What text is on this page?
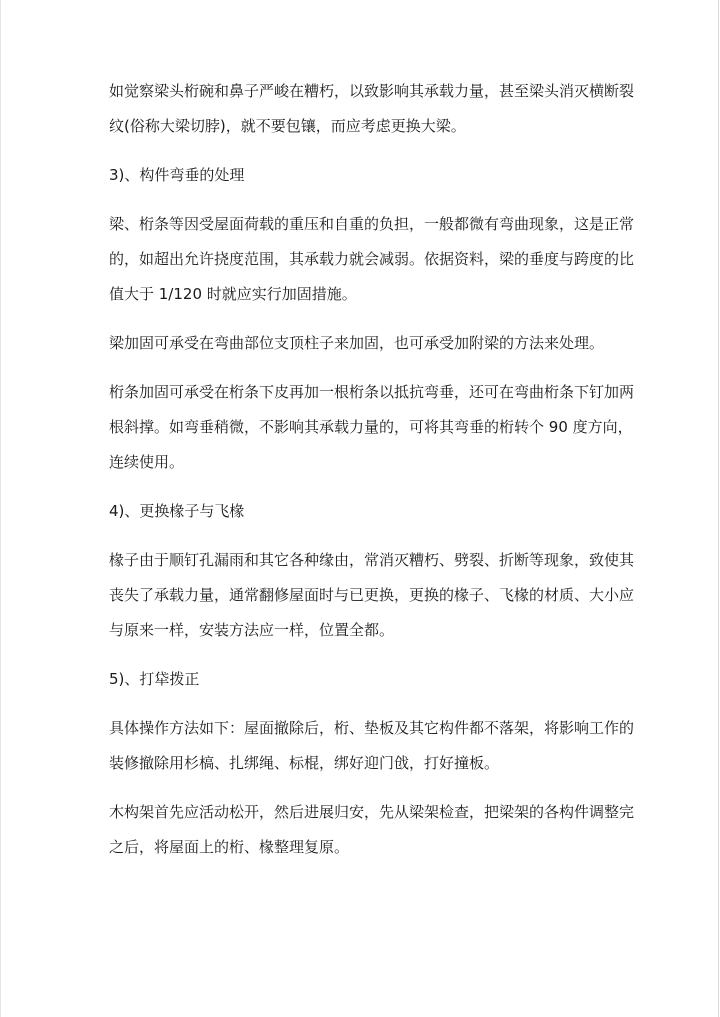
如觉察梁头桁碗和鼻子严峻在糟朽，以致影响其承载力量，甚至梁头消灭横断裂
纹(俗称大梁切脖)，就不要包镶，而应考虑更换大梁。
3)、构件弯垂的处理
梁、桁条等因受屋面荷载的重压和自重的负担，一般都微有弯曲现象，这是正常
的，如超出允许挠度范围，其承载力就会减弱。依据资料，梁的垂度与跨度的比
值大于 1/120 时就应实行加固措施。
梁加固可承受在弯曲部位支顶柱子来加固，也可承受加附梁的方法来处理。
桁条加固可承受在桁条下皮再加一根桁条以抵抗弯垂，还可在弯曲桁条下钉加两
根斜撑。如弯垂稍微，不影响其承载力量的，可将其弯垂的桁转个 90 度方向，
连续使用。
4)、更换椽子与飞椽
椽子由于顺钉孔漏雨和其它各种缘由，常消灭糟朽、劈裂、折断等现象，致使其
丧失了承载力量，通常翻修屋面时与已更换，更换的椽子、飞椽的材质、大小应
与原来一样，安装方法应一样，位置全都。
5)、打牮拨正
具体操作方法如下：屋面撤除后，桁、垫板及其它构件都不落架，将影响工作的
装修撤除用杉槁、扎绑绳、标棍，绑好迎门戗，打好撞板。
木构架首先应活动松开，然后进展归安，先从梁架检查，把梁架的各构件调整完
之后，将屋面上的桁、椽整理复原。
